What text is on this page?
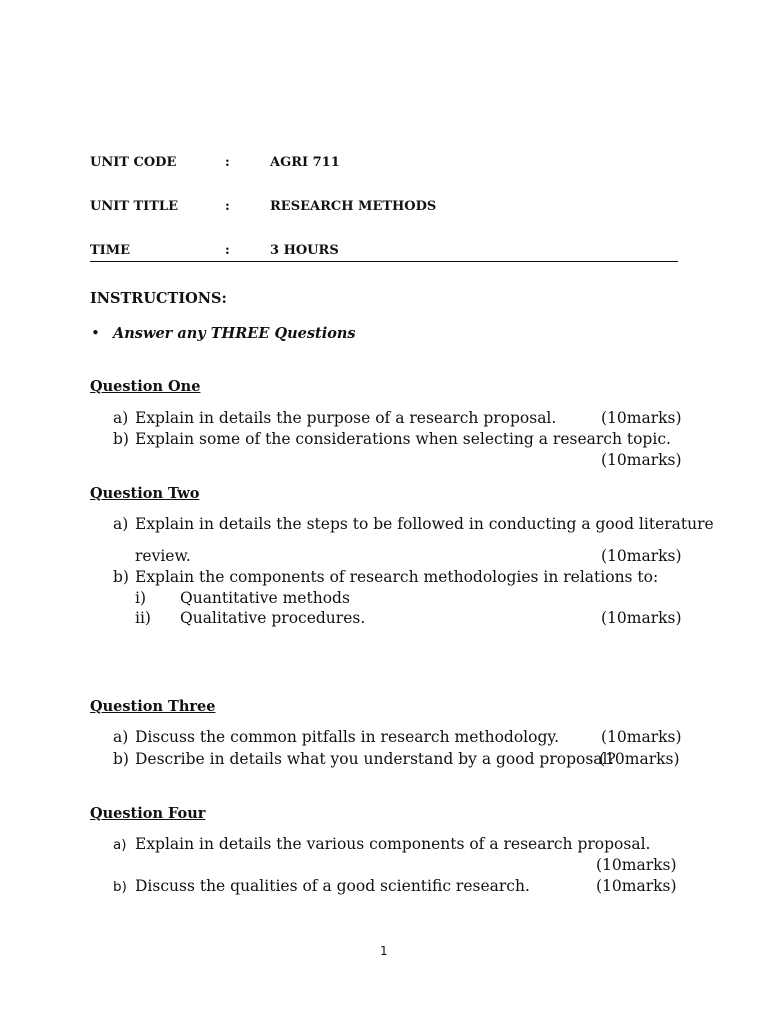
UNIT CODE	:	AGRI 711
UNIT TITLE	:	RESEARCH METHODS
TIME	:	3 HOURS
INSTRUCTIONS:
• Answer any THREE Questions
Question One
a) Explain in details the purpose of a research proposal.	(10marks)
b) Explain some of the considerations when selecting a research topic.
(10marks)
Question Two
a) Explain in details the steps to be followed in conducting a good literature
review.	(10marks)
b) Explain the components of research methodologies in relations to:
i) Quantitative methods
ii) Qualitative procedures.	(10marks)
Question Three
a) Discuss the common pitfalls in research methodology.	(10marks)
b) Describe in details what you understand by a good proposal?
(10marks)
Question Four
a) Explain in details the various components of a research proposal.
(10marks)
b) Discuss the qualities of a good scientific research.	(10marks)
1
